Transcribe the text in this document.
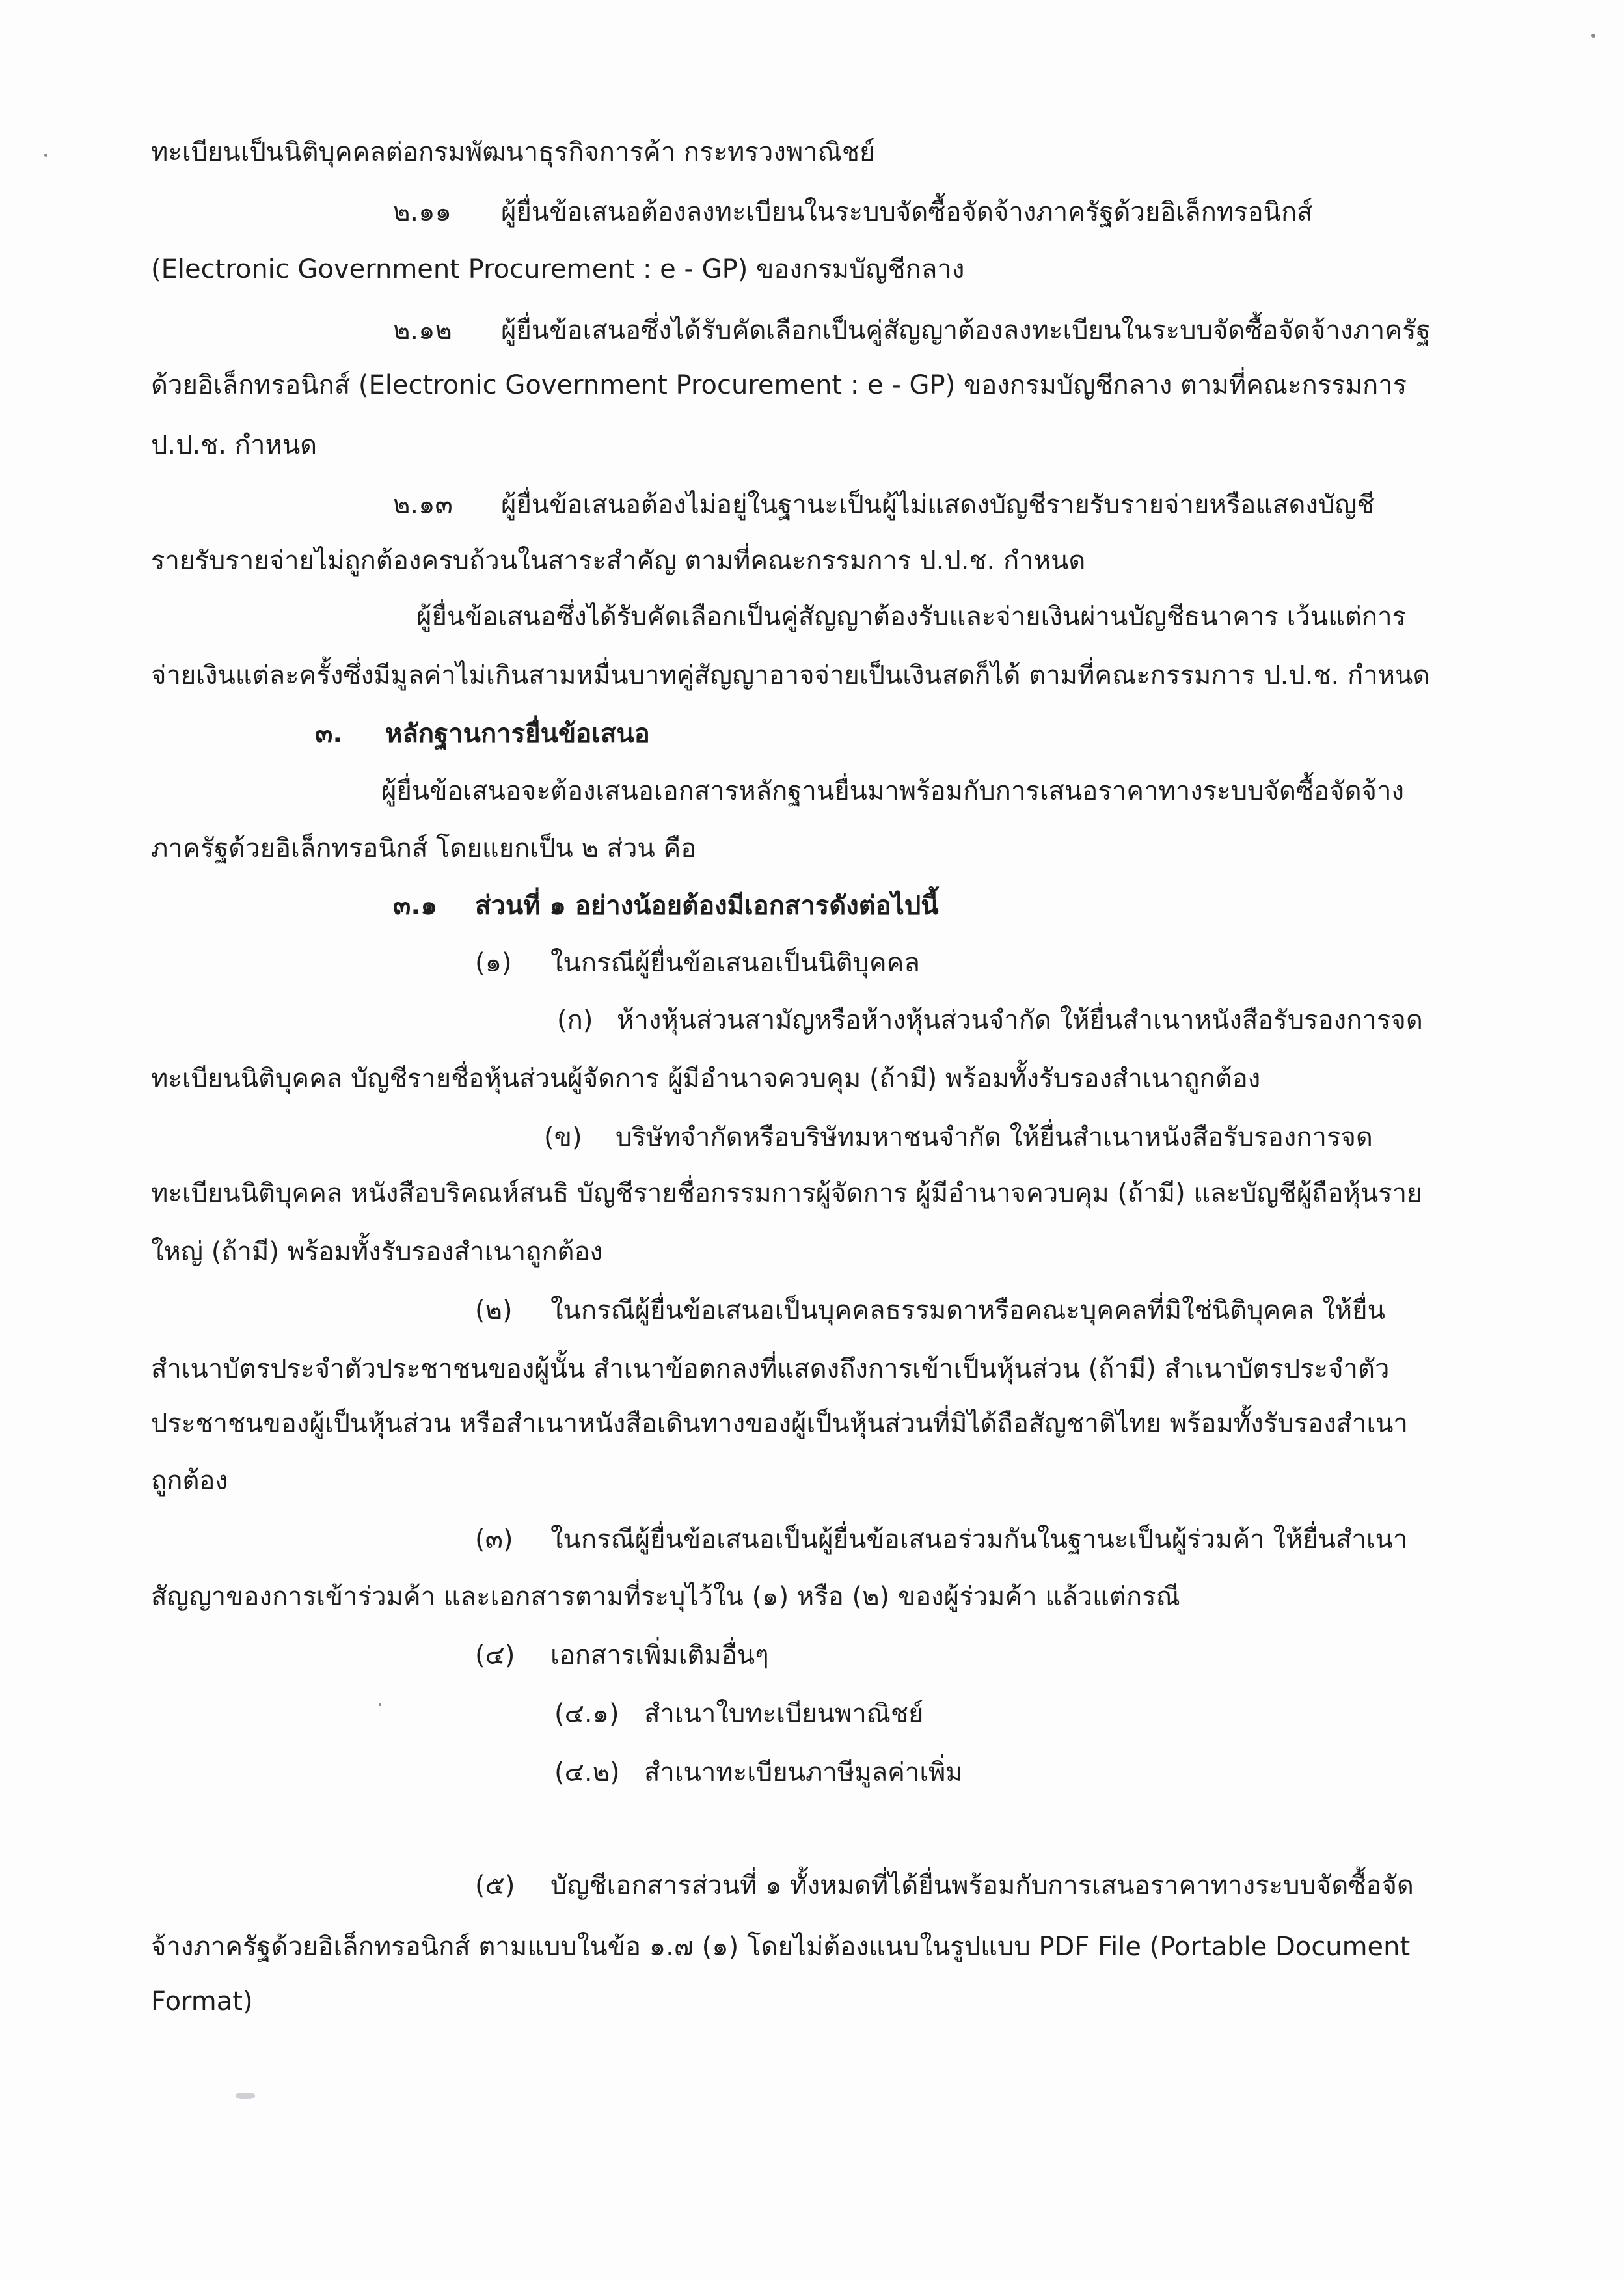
ทะเบียนเป็นนิติบุคคลต่อกรมพัฒนาธุรกิจการค้า กระทรวงพาณิชย์
๒.๑๑ ผู้ยื่นข้อเสนอต้องลงทะเบียนในระบบจัดซื้อจัดจ้างภาครัฐด้วยอิเล็กทรอนิกส์
(Electronic Government Procurement : e - GP) ของกรมบัญชีกลาง
๒.๑๒ ผู้ยื่นข้อเสนอซึ่งได้รับคัดเลือกเป็นคู่สัญญาต้องลงทะเบียนในระบบจัดซื้อจัดจ้างภาครัฐ
ด้วยอิเล็กทรอนิกส์ (Electronic Government Procurement : e - GP) ของกรมบัญชีกลาง ตามที่คณะกรรมการ
ป.ป.ช. กำหนด
๒.๑๓ ผู้ยื่นข้อเสนอต้องไม่อยู่ในฐานะเป็นผู้ไม่แสดงบัญชีรายรับรายจ่ายหรือแสดงบัญชี
รายรับรายจ่ายไม่ถูกต้องครบถ้วนในสาระสำคัญ ตามที่คณะกรรมการ ป.ป.ช. กำหนด
ผู้ยื่นข้อเสนอซึ่งได้รับคัดเลือกเป็นคู่สัญญาต้องรับและจ่ายเงินผ่านบัญชีธนาคาร เว้นแต่การ
จ่ายเงินแต่ละครั้งซึ่งมีมูลค่าไม่เกินสามหมื่นบาทคู่สัญญาอาจจ่ายเป็นเงินสดก็ได้ ตามที่คณะกรรมการ ป.ป.ช. กำหนด
๓. หลักฐานการยื่นข้อเสนอ
ผู้ยื่นข้อเสนอจะต้องเสนอเอกสารหลักฐานยื่นมาพร้อมกับการเสนอราคาทางระบบจัดซื้อจัดจ้าง
ภาครัฐด้วยอิเล็กทรอนิกส์ โดยแยกเป็น ๒ ส่วน คือ
๓.๑ ส่วนที่ ๑ อย่างน้อยต้องมีเอกสารดังต่อไปนี้
(๑) ในกรณีผู้ยื่นข้อเสนอเป็นนิติบุคคล
(ก) ห้างหุ้นส่วนสามัญหรือห้างหุ้นส่วนจำกัด ให้ยื่นสำเนาหนังสือรับรองการจด
ทะเบียนนิติบุคคล บัญชีรายชื่อหุ้นส่วนผู้จัดการ ผู้มีอำนาจควบคุม (ถ้ามี) พร้อมทั้งรับรองสำเนาถูกต้อง
(ข) บริษัทจำกัดหรือบริษัทมหาชนจำกัด ให้ยื่นสำเนาหนังสือรับรองการจด
ทะเบียนนิติบุคคล หนังสือบริคณห์สนธิ บัญชีรายชื่อกรรมการผู้จัดการ ผู้มีอำนาจควบคุม (ถ้ามี) และบัญชีผู้ถือหุ้นราย
ใหญ่ (ถ้ามี) พร้อมทั้งรับรองสำเนาถูกต้อง
(๒) ในกรณีผู้ยื่นข้อเสนอเป็นบุคคลธรรมดาหรือคณะบุคคลที่มิใช่นิติบุคคล ให้ยื่น
สำเนาบัตรประจำตัวประชาชนของผู้นั้น สำเนาข้อตกลงที่แสดงถึงการเข้าเป็นหุ้นส่วน (ถ้ามี) สำเนาบัตรประจำตัว
ประชาชนของผู้เป็นหุ้นส่วน หรือสำเนาหนังสือเดินทางของผู้เป็นหุ้นส่วนที่มิได้ถือสัญชาติไทย พร้อมทั้งรับรองสำเนา
ถูกต้อง
(๓) ในกรณีผู้ยื่นข้อเสนอเป็นผู้ยื่นข้อเสนอร่วมกันในฐานะเป็นผู้ร่วมค้า ให้ยื่นสำเนา
สัญญาของการเข้าร่วมค้า และเอกสารตามที่ระบุไว้ใน (๑) หรือ (๒) ของผู้ร่วมค้า แล้วแต่กรณี
(๔) เอกสารเพิ่มเติมอื่นๆ
(๔.๑) สำเนาใบทะเบียนพาณิชย์
(๔.๒) สำเนาทะเบียนภาษีมูลค่าเพิ่ม
(๕) บัญชีเอกสารส่วนที่ ๑ ทั้งหมดที่ได้ยื่นพร้อมกับการเสนอราคาทางระบบจัดซื้อจัด
จ้างภาครัฐด้วยอิเล็กทรอนิกส์ ตามแบบในข้อ ๑.๗ (๑) โดยไม่ต้องแนบในรูปแบบ PDF File (Portable Document
Format)
